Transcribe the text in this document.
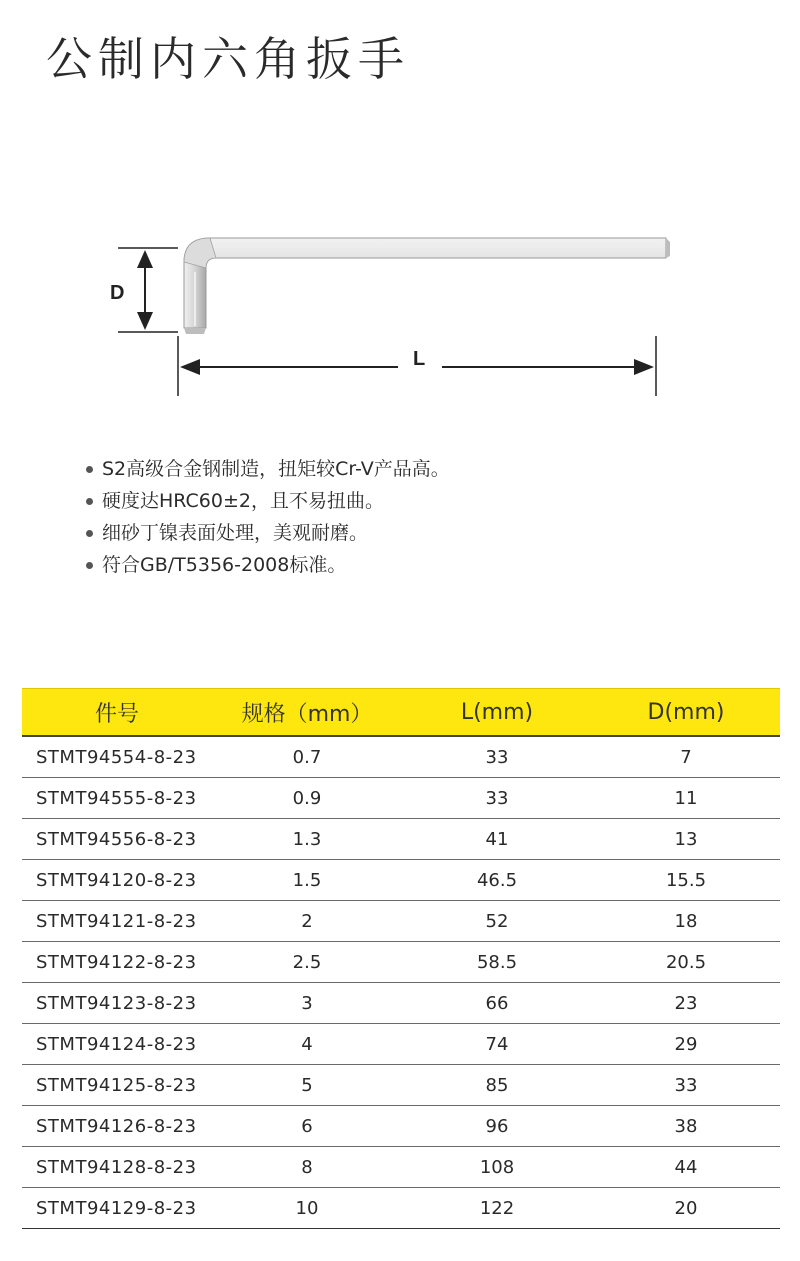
公制内六角扳手
D
L
S2高级合金钢制造，扭矩较Cr-V产品高。
硬度达HRC60±2，且不易扭曲。
细砂丁镍表面处理，美观耐磨。
符合GB/T5356-2008标准。
件号	规格（mm）	L(mm)	D(mm)
STMT94554-8-23	0.7	33	7
STMT94555-8-23	0.9	33	11
STMT94556-8-23	1.3	41	13
STMT94120-8-23	1.5	46.5	15.5
STMT94121-8-23	2	52	18
STMT94122-8-23	2.5	58.5	20.5
STMT94123-8-23	3	66	23
STMT94124-8-23	4	74	29
STMT94125-8-23	5	85	33
STMT94126-8-23	6	96	38
STMT94128-8-23	8	108	44
STMT94129-8-23	10	122	20
